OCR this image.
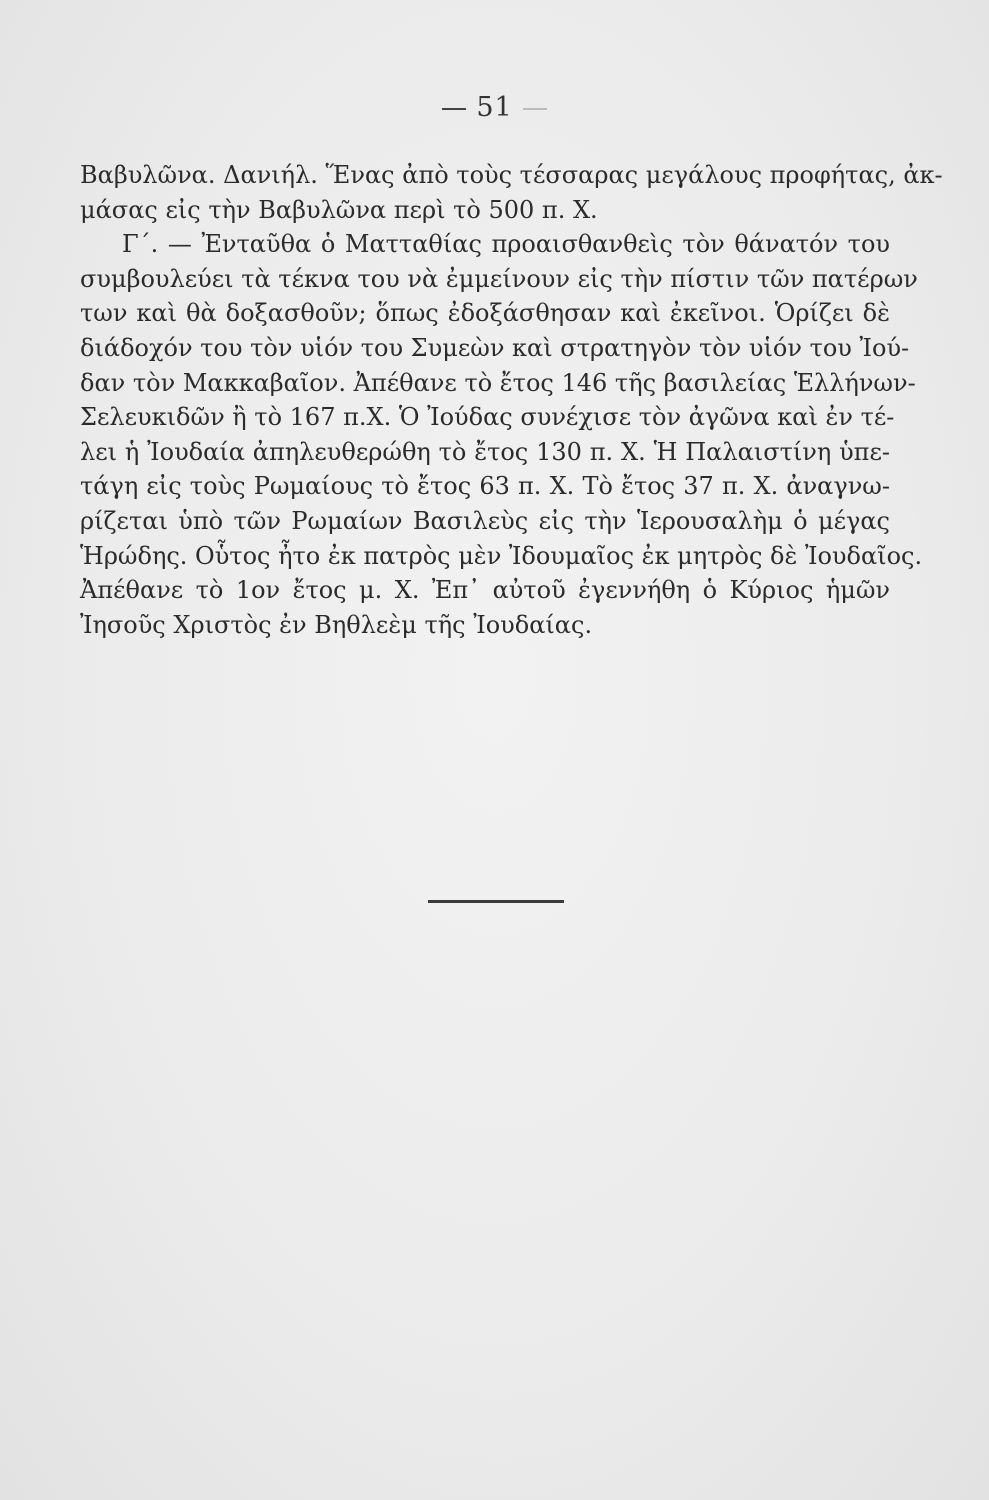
51
Βαβυλῶνα. Δανιήλ. Ἕνας ἀπὸ τοὺς τέσσαρας μεγάλους προφήτας, ἀκ-
μάσας εἰς τὴν Βαβυλῶνα περὶ τὸ 500 π. Χ.
Γ΄. — Ἐνταῦθα ὁ Ματταθίας προαισθανθεὶς τὸν θάνατόν του
συμβουλεύει τὰ τέκνα του νὰ ἐμμείνουν εἰς τὴν πίστιν τῶν πατέρων
των καὶ θὰ δοξασθοῦν; ὅπως ἐδοξάσθησαν καὶ ἐκεῖνοι. Ὁρίζει δὲ
διάδοχόν του τὸν υἱόν του Συμεὼν καὶ στρατηγὸν τὸν υἱόν του Ἰού-
δαν τὸν Μακκαβαῖον. Ἀπέθανε τὸ ἔτος 146 τῆς βασιλείας Ἑλλήνων-
Σελευκιδῶν ἢ τὸ 167 π.Χ. Ὁ Ἰούδας συνέχισε τὸν ἀγῶνα καὶ ἐν τέ-
λει ἡ Ἰουδαία ἀπηλευθερώθη τὸ ἔτος 130 π. Χ. Ἡ Παλαιστίνη ὑπε-
τάγη εἰς τοὺς Ρωμαίους τὸ ἔτος 63 π. Χ. Τὸ ἔτος 37 π. Χ. ἀναγνω-
ρίζεται ὑπὸ τῶν Ρωμαίων Βασιλεὺς εἰς τὴν Ἱερουσαλὴμ ὁ μέγας
Ἡρώδης. Οὗτος ἦτο ἐκ πατρὸς μὲν Ἰδουμαῖος ἐκ μητρὸς δὲ Ἰουδαῖος.
Ἀπέθανε τὸ 1ον ἔτος μ. Χ. Ἐπ᾽ αὐτοῦ ἐγεννήθη ὁ Κύριος ἡμῶν
Ἰησοῦς Χριστὸς ἐν Βηθλεὲμ τῆς Ἰουδαίας.
